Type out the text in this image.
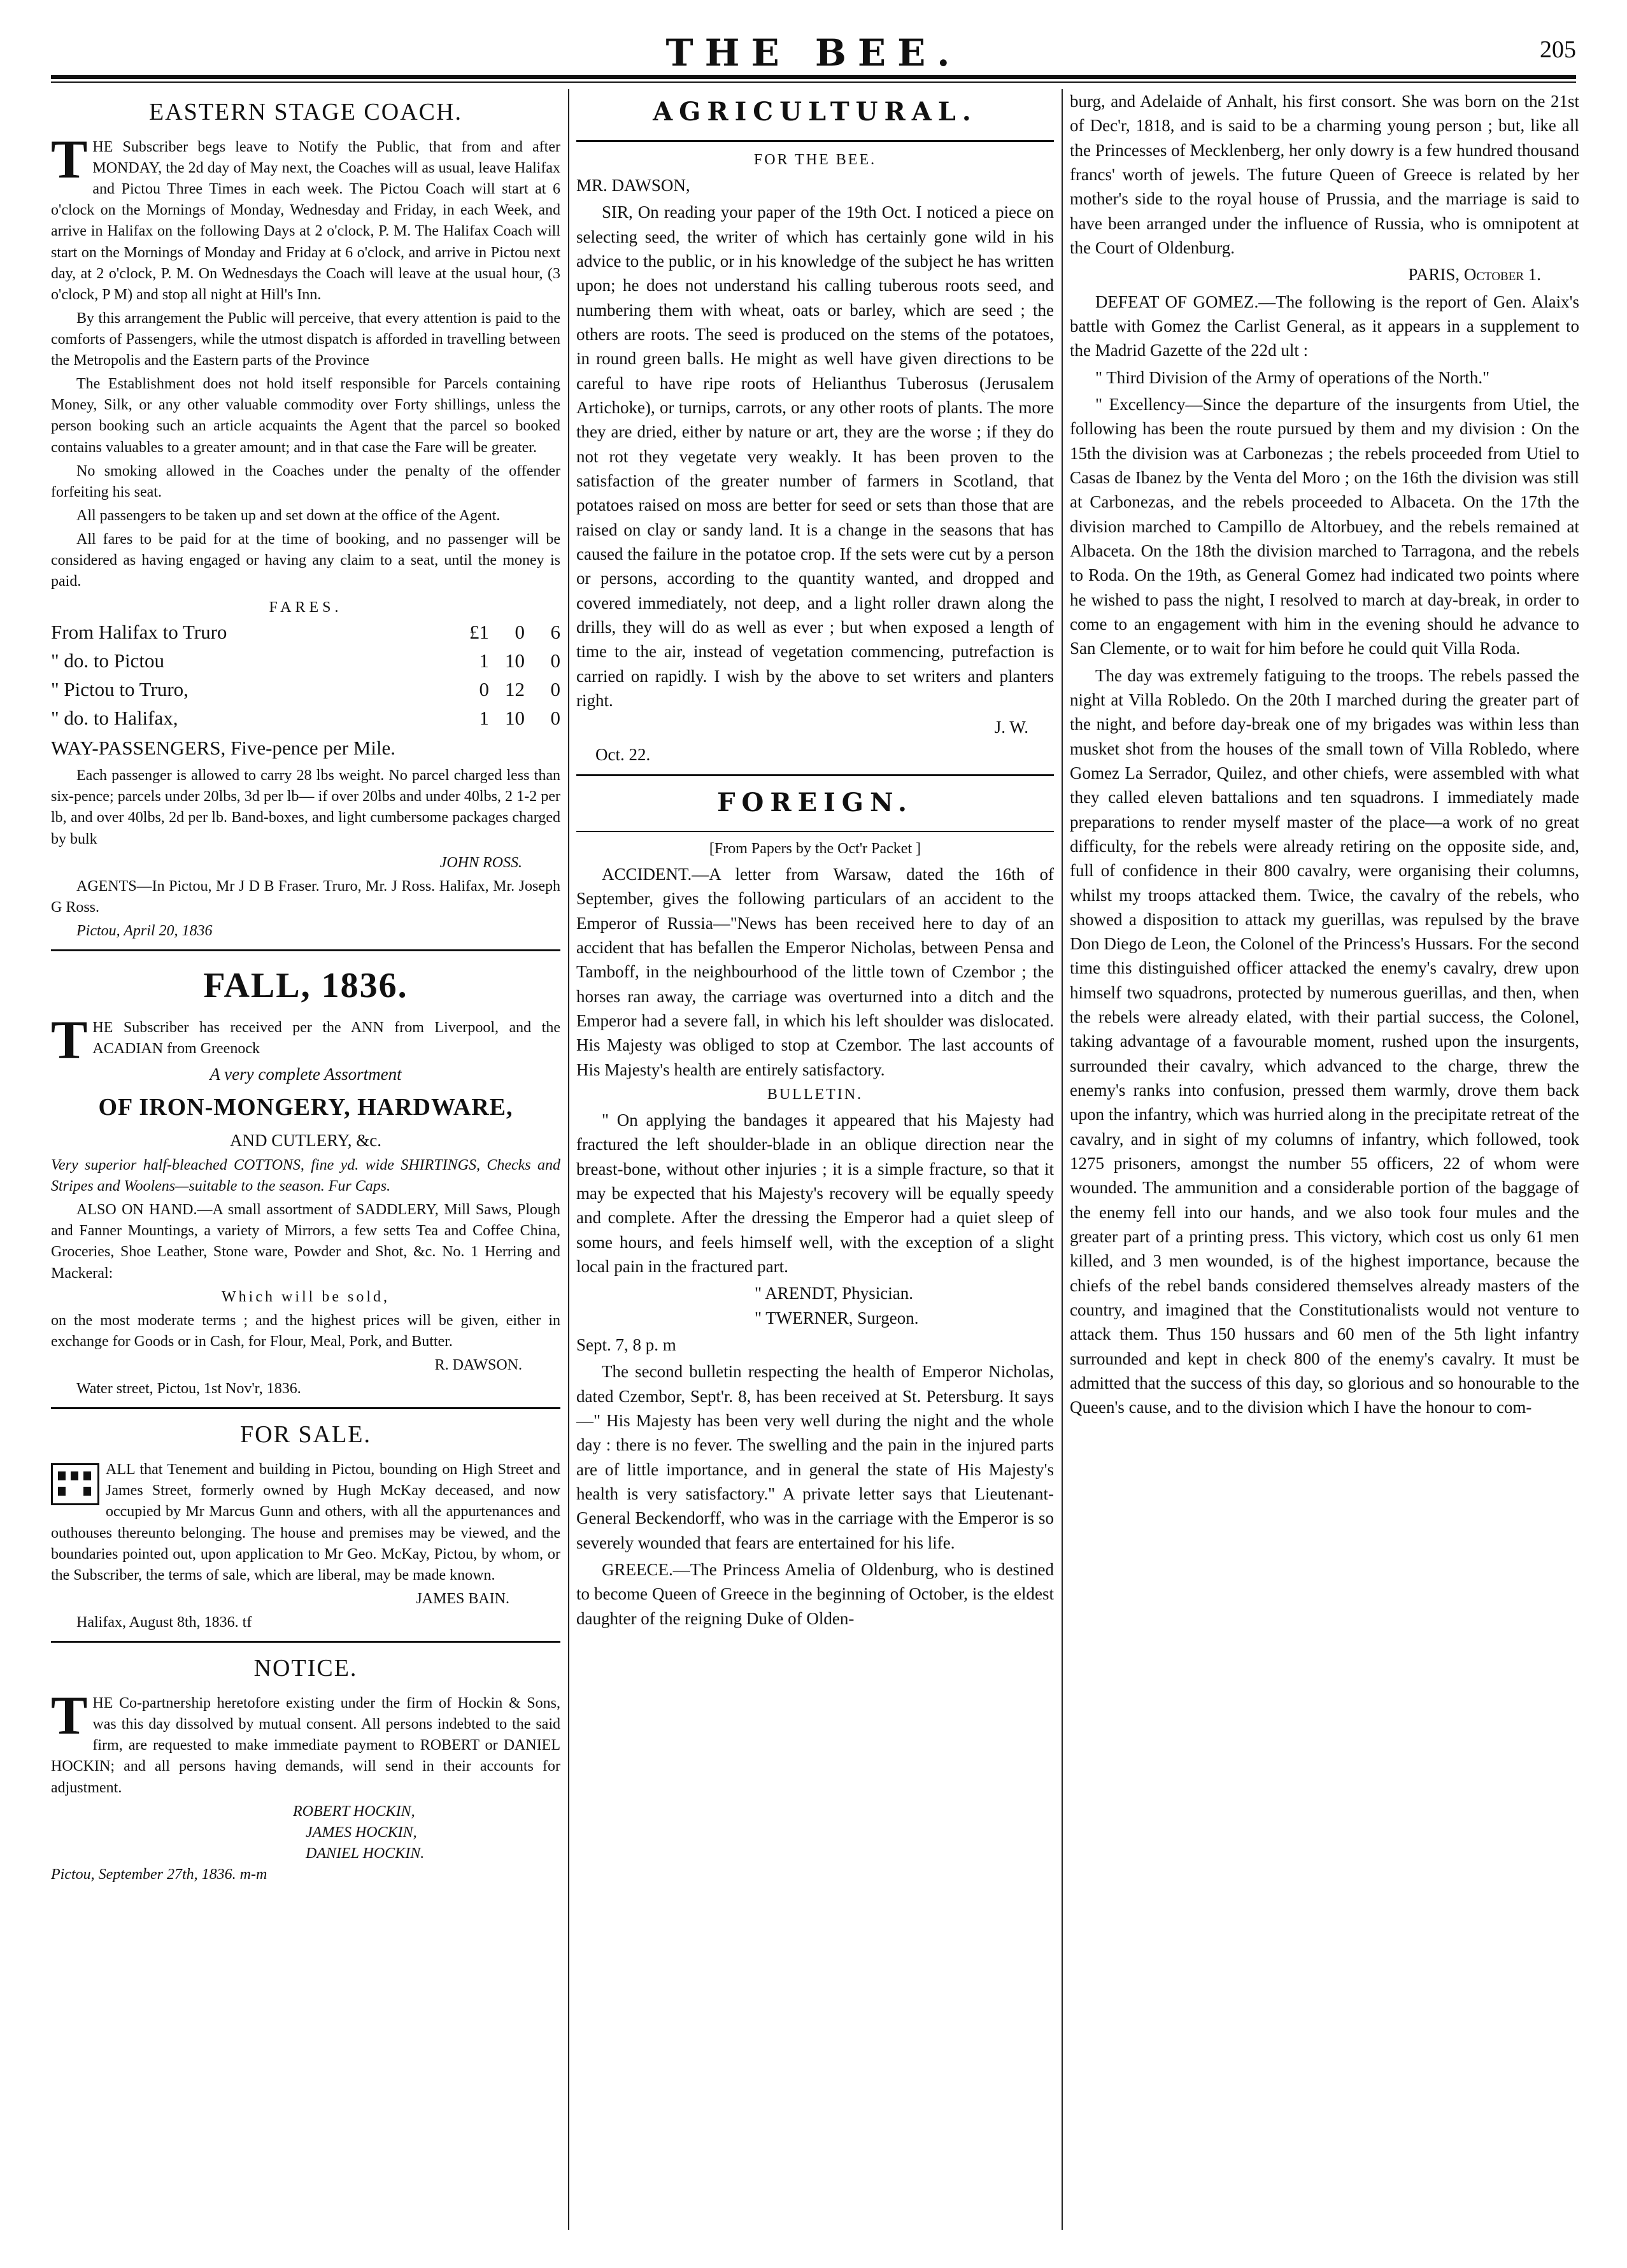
THE BEE.	205
EASTERN STAGE COACH.

THE Subscriber begs leave to Notify the Public, that from and after MONDAY, the 2d day of May next, the Coaches will as usual, leave Halifax and Pictou Three Times in each week. The Pictou Coach will start at 6 o'clock on the Mornings of Monday, Wednesday and Friday, in each Week, and arrive in Halifax on the following Days at 2 o'clock, P. M. The Halifax Coach will start on the Mornings of Monday and Friday at 6 o'clock, and arrive in Pictou next day, at 2 o'clock, P. M. On Wednesdays the Coach will leave at the usual hour, (3 o'clock, P M) and stop all night at Hill's Inn.

By this arrangement the Public will perceive, that every attention is paid to the comforts of Passengers, while the utmost dispatch is afforded in travelling between the Metropolis and the Eastern parts of the Province

The Establishment does not hold itself responsible for Parcels containing Money, Silk, or any other valuable commodity over Forty shillings, unless the person booking such an article acquaints the Agent that the parcel so booked contains valuables to a greater amount; and in that case the Fare will be greater.

No smoking allowed in the Coaches under the penalty of the offender forfeiting his seat.

All passengers to be taken up and set down at the office of the Agent.

All fares to be paid for at the time of booking, and no passenger will be considered as having engaged or having any claim to a seat, until the money is paid.

FARES.
From Halifax to Truro	£1	0	6
" do. to Pictou	1	10	0
" Pictou to Truro,	0	12	0
" do. to Halifax,	1	10	0

WAY-PASSENGERS, Five-pence per Mile.

Each passenger is allowed to carry 28 lbs weight. No parcel charged less than six-pence; parcels under 20lbs, 3d per lb— if over 20lbs and under 40lbs, 2 1-2 per lb, and over 40lbs, 2d per lb. Band-boxes, and light cumbersome packages charged by bulk

JOHN ROSS.

AGENTS—In Pictou, Mr J D B Fraser. Truro, Mr. J Ross. Halifax, Mr. Joseph G Ross.

Pictou, April 20, 1836

FALL, 1836.

THE Subscriber has received per the ANN from Liverpool, and the ACADIAN from Greenock

A very complete Assortment

OF IRON-MONGERY, HARDWARE,

AND CUTLERY, &c.

Very superior half-bleached COTTONS, fine yd. wide SHIRTINGS, Checks and Stripes and Woolens—suitable to the season. Fur Caps.

ALSO ON HAND.—A small assortment of SADDLERY, Mill Saws, Plough and Fanner Mountings, a variety of Mirrors, a few setts Tea and Coffee China, Groceries, Shoe Leather, Stone ware, Powder and Shot, &c. No. 1 Herring and Mackeral:

Which will be sold,

on the most moderate terms ; and the highest prices will be given, either in exchange for Goods or in Cash, for Flour, Meal, Pork, and Butter.

R. DAWSON.

Water street, Pictou, 1st Nov'r, 1836.

FOR SALE.

ALL that Tenement and building in Pictou, bounding on High Street and James Street, formerly owned by Hugh McKay deceased, and now occupied by Mr Marcus Gunn and others, with all the appurtenances and outhouses thereunto belonging. The house and premises may be viewed, and the boundaries pointed out, upon application to Mr Geo. McKay, Pictou, by whom, or the Subscriber, the terms of sale, which are liberal, may be made known.

JAMES BAIN.

Halifax, August 8th, 1836. tf

NOTICE.

THE Co-partnership heretofore existing under the firm of Hockin & Sons, was this day dissolved by mutual consent. All persons indebted to the said firm, are requested to make immediate payment to ROBERT or DANIEL HOCKIN; and all persons having demands, will send in their accounts for adjustment.

ROBERT HOCKIN,

JAMES HOCKIN,

DANIEL HOCKIN.

Pictou, September 27th, 1836. m-m

AGRICULTURAL.

FOR THE BEE.

MR. DAWSON,

SIR, On reading your paper of the 19th Oct. I noticed a piece on selecting seed, the writer of which has certainly gone wild in his advice to the public, or in his knowledge of the subject he has written upon; he does not understand his calling tuberous roots seed, and numbering them with wheat, oats or barley, which are seed ; the others are roots. The seed is produced on the stems of the potatoes, in round green balls. He might as well have given directions to be careful to have ripe roots of Helianthus Tuberosus (Jerusalem Artichoke), or turnips, carrots, or any other roots of plants. The more they are dried, either by nature or art, they are the worse ; if they do not rot they vegetate very weakly. It has been proven to the satisfaction of the greater number of farmers in Scotland, that potatoes raised on moss are better for seed or sets than those that are raised on clay or sandy land. It is a change in the seasons that has caused the failure in the potatoe crop. If the sets were cut by a person or persons, according to the quantity wanted, and dropped and covered immediately, not deep, and a light roller drawn along the drills, they will do as well as ever ; but when exposed a length of time to the air, instead of vegetation commencing, putrefaction is carried on rapidly. I wish by the above to set writers and planters right.

J. W.

Oct. 22.

FOREIGN.

[From Papers by the Oct'r Packet ]

ACCIDENT.—A letter from Warsaw, dated the 16th of September, gives the following particulars of an accident to the Emperor of Russia—"News has been received here to day of an accident that has befallen the Emperor Nicholas, between Pensa and Tamboff, in the neighbourhood of the little town of Czembor ; the horses ran away, the carriage was overturned into a ditch and the Emperor had a severe fall, in which his left shoulder was dislocated. His Majesty was obliged to stop at Czembor. The last accounts of His Majesty's health are entirely satisfactory.

BULLETIN.

" On applying the bandages it appeared that his Majesty had fractured the left shoulder-blade in an oblique direction near the breast-bone, without other injuries ; it is a simple fracture, so that it may be expected that his Majesty's recovery will be equally speedy and complete. After the dressing the Emperor had a quiet sleep of some hours, and feels himself well, with the exception of a slight local pain in the fractured part.

" ARENDT, Physician.

" TWERNER, Surgeon.

Sept. 7, 8 p. m

The second bulletin respecting the health of Emperor Nicholas, dated Czembor, Sept'r. 8, has been received at St. Petersburg. It says—" His Majesty has been very well during the night and the whole day : there is no fever. The swelling and the pain in the injured parts are of little importance, and in general the state of His Majesty's health is very satisfactory." A private letter says that Lieutenant-General Beckendorff, who was in the carriage with the Emperor is so severely wounded that fears are entertained for his life.

GREECE.—The Princess Amelia of Oldenburg, who is destined to become Queen of Greece in the beginning of October, is the eldest daughter of the reigning Duke of Olden-

burg, and Adelaide of Anhalt, his first consort. She was born on the 21st of Dec'r, 1818, and is said to be a charming young person ; but, like all the Princesses of Mecklenberg, her only dowry is a few hundred thousand francs' worth of jewels. The future Queen of Greece is related by her mother's side to the royal house of Prussia, and the marriage is said to have been arranged under the influence of Russia, who is omnipotent at the Court of Oldenburg.

PARIS, October 1.

DEFEAT OF GOMEZ.—The following is the report of Gen. Alaix's battle with Gomez the Carlist General, as it appears in a supplement to the Madrid Gazette of the 22d ult :

" Third Division of the Army of operations of the North."

" Excellency—Since the departure of the insurgents from Utiel, the following has been the route pursued by them and my division : On the 15th the division was at Carbonezas ; the rebels proceeded from Utiel to Casas de Ibanez by the Venta del Moro ; on the 16th the division was still at Carbonezas, and the rebels proceeded to Albaceta. On the 17th the division marched to Campillo de Altorbuey, and the rebels remained at Albaceta. On the 18th the division marched to Tarragona, and the rebels to Roda. On the 19th, as General Gomez had indicated two points where he wished to pass the night, I resolved to march at day-break, in order to come to an engagement with him in the evening should he advance to San Clemente, or to wait for him before he could quit Villa Roda.

The day was extremely fatiguing to the troops. The rebels passed the night at Villa Robledo. On the 20th I marched during the greater part of the night, and before day-break one of my brigades was within less than musket shot from the houses of the small town of Villa Robledo, where Gomez La Serrador, Quilez, and other chiefs, were assembled with what they called eleven battalions and ten squadrons. I immediately made preparations to render myself master of the place—a work of no great difficulty, for the rebels were already retiring on the opposite side, and, full of confidence in their 800 cavalry, were organising their columns, whilst my troops attacked them. Twice, the cavalry of the rebels, who showed a disposition to attack my guerillas, was repulsed by the brave Don Diego de Leon, the Colonel of the Princess's Hussars. For the second time this distinguished officer attacked the enemy's cavalry, drew upon himself two squadrons, protected by numerous guerillas, and then, when the rebels were already elated, with their partial success, the Colonel, taking advantage of a favourable moment, rushed upon the insurgents, surrounded their cavalry, which advanced to the charge, threw the enemy's ranks into confusion, pressed them warmly, drove them back upon the infantry, which was hurried along in the precipitate retreat of the cavalry, and in sight of my columns of infantry, which followed, took 1275 prisoners, amongst the number 55 officers, 22 of whom were wounded. The ammunition and a considerable portion of the baggage of the enemy fell into our hands, and we also took four mules and the greater part of a printing press. This victory, which cost us only 61 men killed, and 3 men wounded, is of the highest importance, because the chiefs of the rebel bands considered themselves already masters of the country, and imagined that the Constitutionalists would not venture to attack them. Thus 150 hussars and 60 men of the 5th light infantry surrounded and kept in check 800 of the enemy's cavalry. It must be admitted that the success of this day, so glorious and so honourable to the Queen's cause, and to the division which I have the honour to com-
